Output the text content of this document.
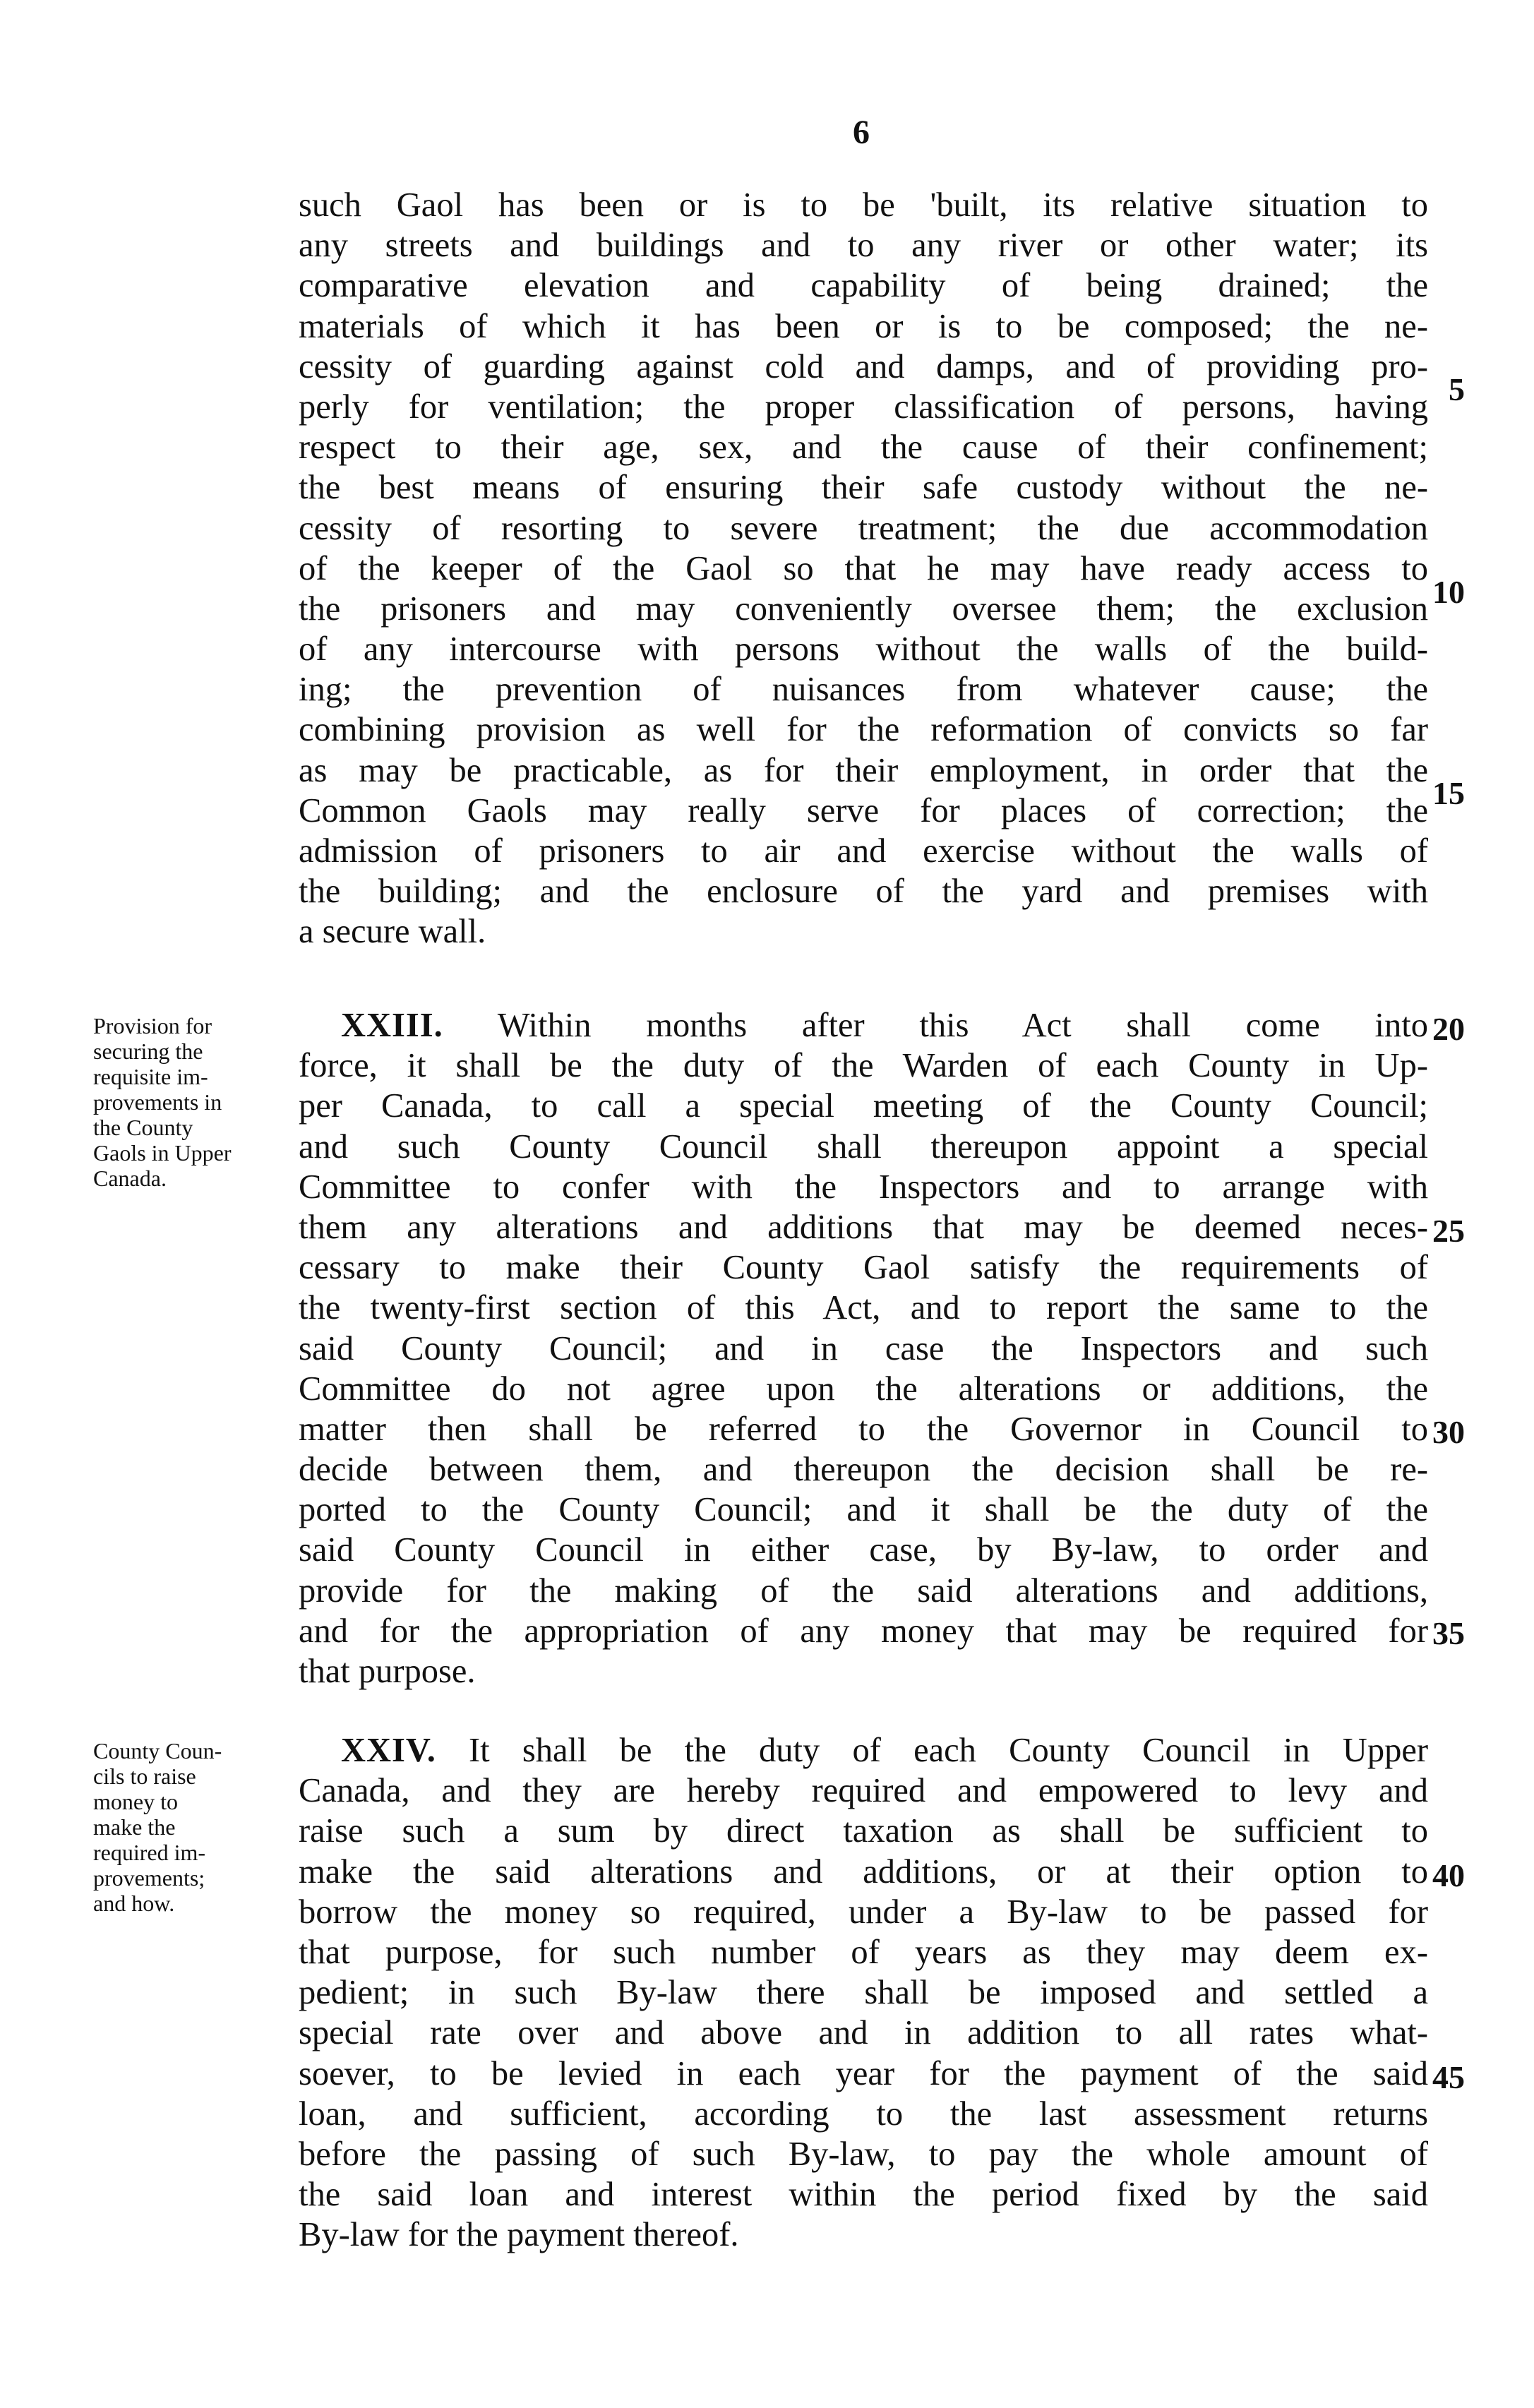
6
such Gaol has been or is to be 'built, its relative situation to
any streets and buildings and to any river or other water; its
comparative elevation and capability of being drained; the
materials of which it has been or is to be composed; the ne-
cessity of guarding against cold and damps, and of providing pro-
perly for ventilation; the proper classification of persons, having
respect to their age, sex, and the cause of their confinement;
the best means of ensuring their safe custody without the ne-
cessity of resorting to severe treatment; the due accommodation
of the keeper of the Gaol so that he may have ready access to
the prisoners and may conveniently oversee them; the exclusion
of any intercourse with persons without the walls of the build-
ing; the prevention of nuisances from whatever cause; the
combining provision as well for the reformation of convicts so far
as may be practicable, as for their employment, in order that the
Common Gaols may really serve for places of correction; the
admission of prisoners to air and exercise without the walls of
the building; and the enclosure of the yard and premises with
a secure wall.
Provision for
securing the
requisite im-
provements in
the County
Gaols in Upper
Canada.
XXIII. Within months after this Act shall come into
force, it shall be the duty of the Warden of each County in Up-
per Canada, to call a special meeting of the County Council;
and such County Council shall thereupon appoint a special
Committee to confer with the Inspectors and to arrange with
them any alterations and additions that may be deemed neces-
cessary to make their County Gaol satisfy the requirements of
the twenty-first section of this Act, and to report the same to the
said County Council; and in case the Inspectors and such
Committee do not agree upon the alterations or additions, the
matter then shall be referred to the Governor in Council to
decide between them, and thereupon the decision shall be re-
ported to the County Council; and it shall be the duty of the
said County Council in either case, by By-law, to order and
provide for the making of the said alterations and additions,
and for the appropriation of any money that may be required for
that purpose.
County Coun-
cils to raise
money to
make the
required im-
provements;
and how.
XXIV. It shall be the duty of each County Council in Upper
Canada, and they are hereby required and empowered to levy and
raise such a sum by direct taxation as shall be sufficient to
make the said alterations and additions, or at their option to
borrow the money so required, under a By-law to be passed for
that purpose, for such number of years as they may deem ex-
pedient; in such By-law there shall be imposed and settled a
special rate over and above and in addition to all rates what-
soever, to be levied in each year for the payment of the said
loan, and sufficient, according to the last assessment returns
before the passing of such By-law, to pay the whole amount of
the said loan and interest within the period fixed by the said
By-law for the payment thereof.
5
10
15
20
25
30
35
40
45
